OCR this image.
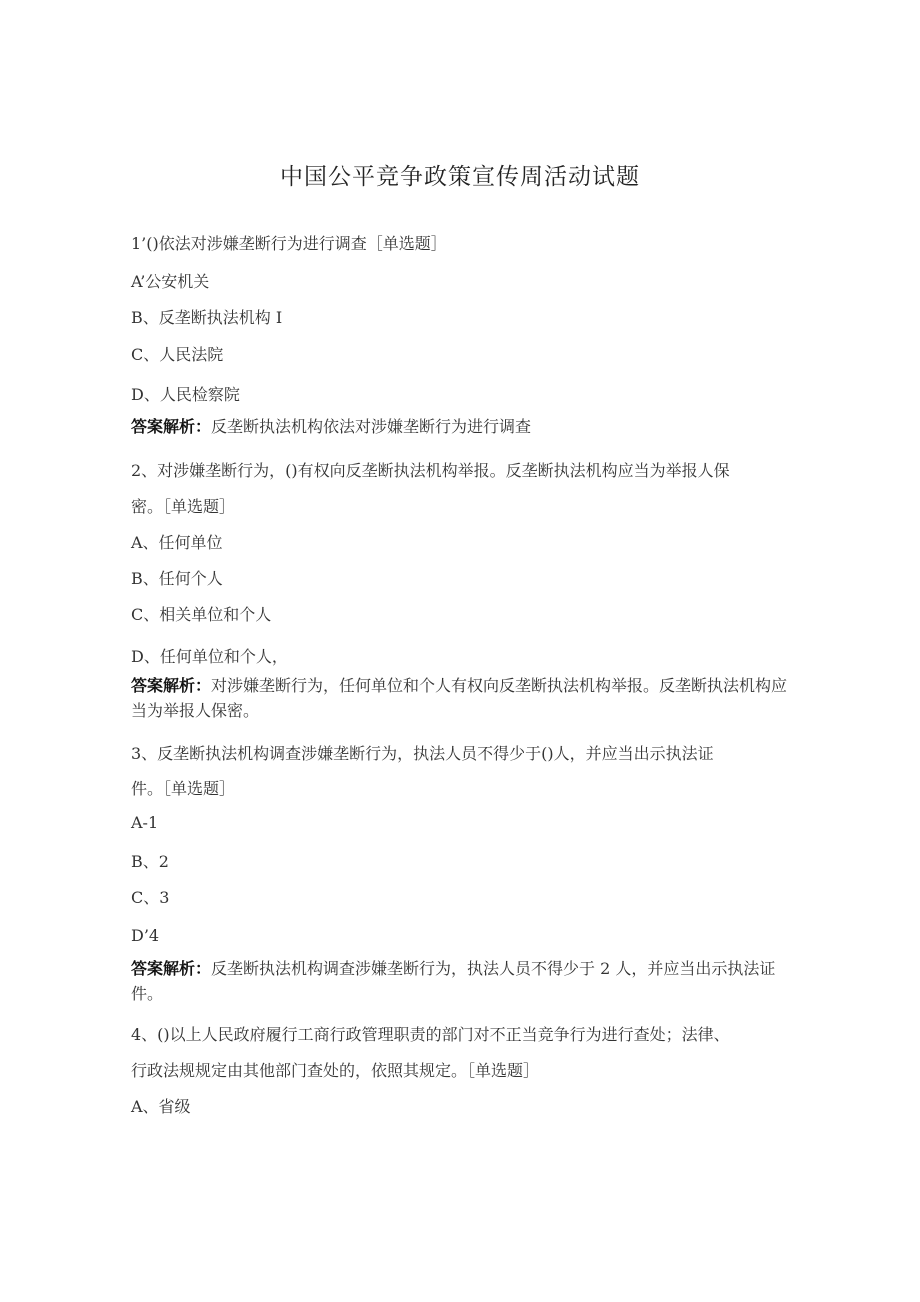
中国公平竞争政策宣传周活动试题
1’()依法对涉嫌垄断行为进行调查［单选题］
A’公安机关
B、反垄断执法机构 I
C、人民法院
D、人民检察院
答案解析：反垄断执法机构依法对涉嫌垄断行为进行调查
2、对涉嫌垄断行为，()有权向反垄断执法机构举报。反垄断执法机构应当为举报人保
密。［单选题］
A、任何单位
B、任何个人
C、相关单位和个人
D、任何单位和个人，
答案解析：对涉嫌垄断行为，任何单位和个人有权向反垄断执法机构举报。反垄断执法机构应当为举报人保密。
3、反垄断执法机构调查涉嫌垄断行为，执法人员不得少于()人，并应当出示执法证
件。［单选题］
A-1
B、2
C、3
D’4
答案解析：反垄断执法机构调查涉嫌垄断行为，执法人员不得少于 2 人，并应当出示执法证件。
4、()以上人民政府履行工商行政管理职责的部门对不正当竞争行为进行查处；法律、
行政法规规定由其他部门查处的，依照其规定。［单选题］
A、省级
